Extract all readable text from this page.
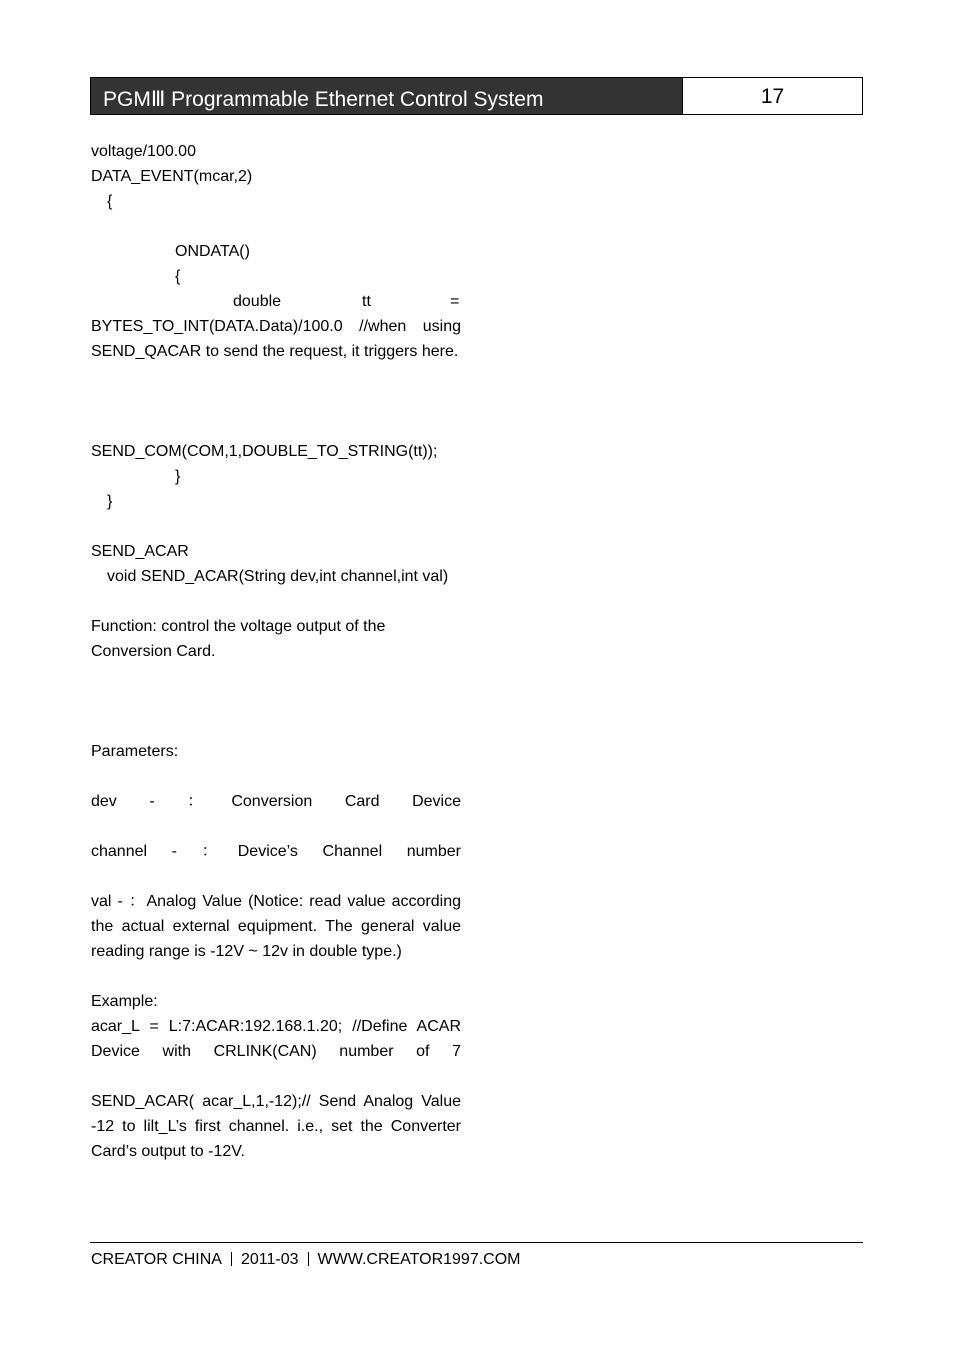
PGMⅢ Programmable Ethernet Control System	17
voltage/100.00
DATA_EVENT(mcar,2)
{
ONDATA()
{
double	tt	=
BYTES_TO_INT(DATA.Data)/100.0 //when using SEND_QACAR to send the request, it triggers here.
SEND_COM(COM,1,DOUBLE_TO_STRING(tt));
}
}
SEND_ACAR
void SEND_ACAR(String dev,int channel,int val)
Function: control the voltage output of the
Conversion Card.
Parameters:
dev - ：Conversion Card Device
channel - ：Device’s Channel number
val - ：Analog Value (Notice: read value according the actual external equipment. The general value reading range is -12V ~ 12v in double type.)
Example:
acar_L = L:7:ACAR:192.168.1.20; //Define ACAR
Device with CRLINK(CAN) number of 7
SEND_ACAR( acar_L,1,-12);// Send Analog Value -12 to lilt_L’s first channel. i.e., set the Converter Card’s output to -12V.
CREATOR CHINA 2011-03 WWW.CREATOR1997.COM
